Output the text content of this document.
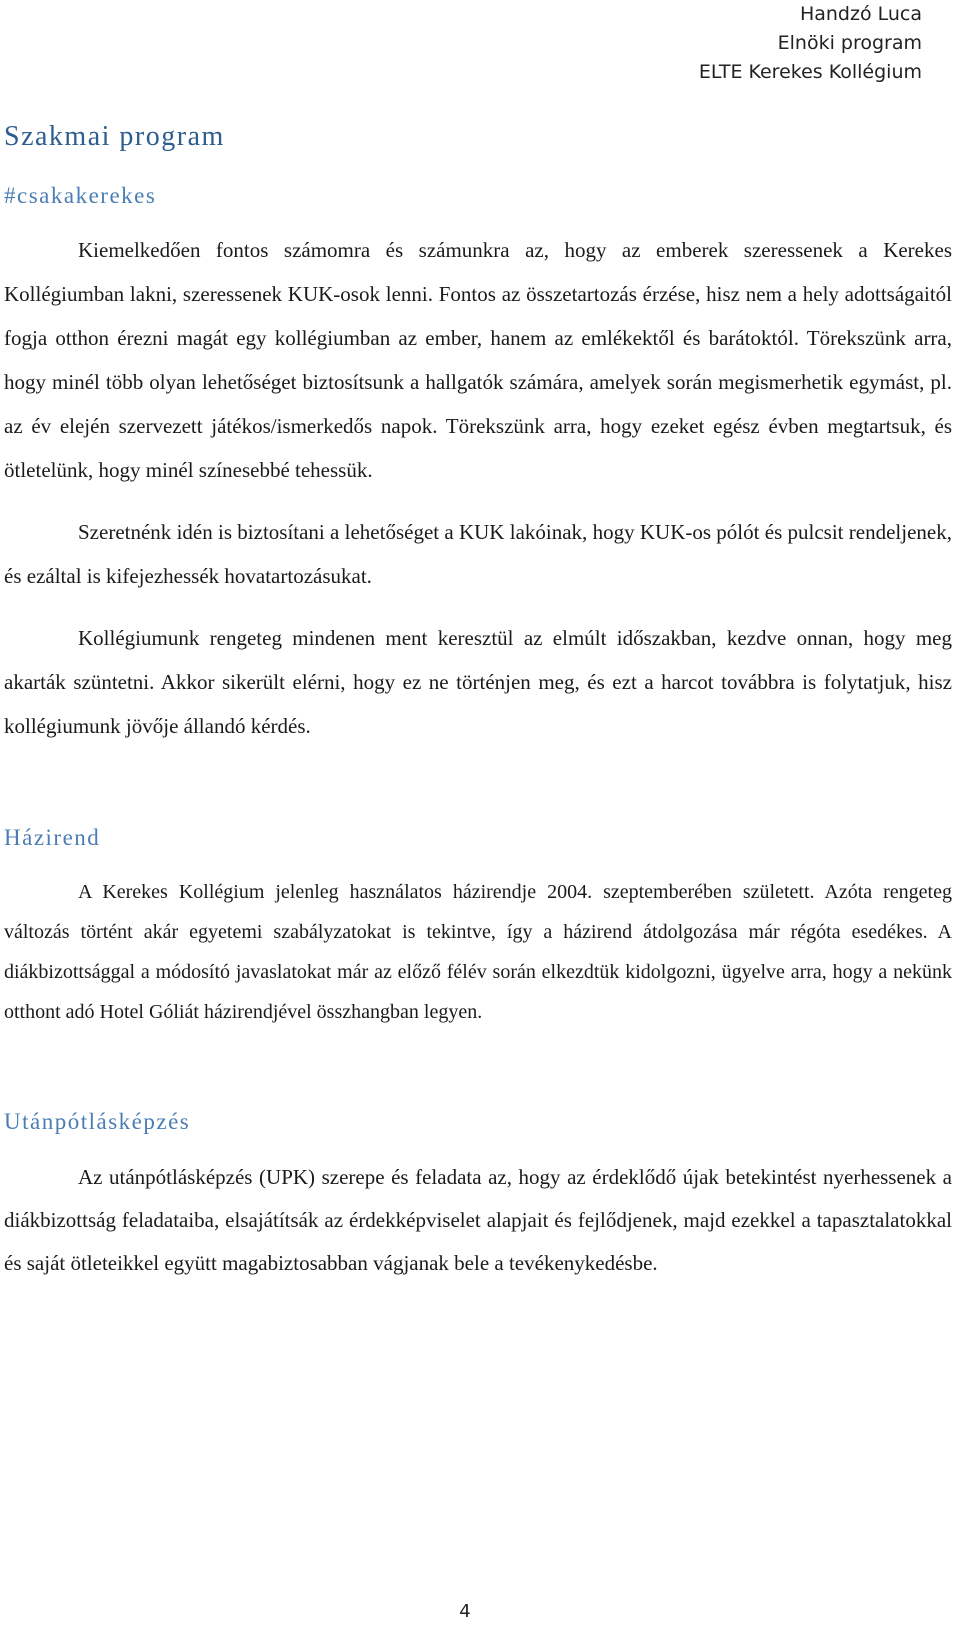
Handzó Luca
Elnöki program
ELTE Kerekes Kollégium
Szakmai program
#csakakerekes

Kiemelkedően fontos számomra és számunkra az, hogy az emberek szeressenek a Kerekes Kollégiumban lakni, szeressenek KUK-osok lenni. Fontos az összetartozás érzése, hisz nem a hely adottságaitól fogja otthon érezni magát egy kollégiumban az ember, hanem az emlékektől és barátoktól. Törekszünk arra, hogy minél több olyan lehetőséget biztosítsunk a hallgatók számára, amelyek során megismerhetik egymást, pl. az év elején szervezett játékos/ismerkedős napok. Törekszünk arra, hogy ezeket egész évben megtartsuk, és ötletelünk, hogy minél színesebbé tehessük.

Szeretnénk idén is biztosítani a lehetőséget a KUK lakóinak, hogy KUK-os pólót és pulcsit rendeljenek, és ezáltal is kifejezhessék hovatartozásukat.

Kollégiumunk rengeteg mindenen ment keresztül az elmúlt időszakban, kezdve onnan, hogy meg akarták szüntetni. Akkor sikerült elérni, hogy ez ne történjen meg, és ezt a harcot továbbra is folytatjuk, hisz kollégiumunk jövője állandó kérdés.

Házirend

A Kerekes Kollégium jelenleg használatos házirendje 2004. szeptemberében született. Azóta rengeteg változás történt akár egyetemi szabályzatokat is tekintve, így a házirend átdolgozása már régóta esedékes. A diákbizottsággal a módosító javaslatokat már az előző félév során elkezdtük kidolgozni, ügyelve arra, hogy a nekünk otthont adó Hotel Góliát házirendjével összhangban legyen.

Utánpótlásképzés

Az utánpótlásképzés (UPK) szerepe és feladata az, hogy az érdeklődő újak betekintést nyerhessenek a diákbizottság feladataiba, elsajátítsák az érdekképviselet alapjait és fejlődjenek, majd ezekkel a tapasztalatokkal és saját ötleteikkel együtt magabiztosabban vágjanak bele a tevékenykedésbe.

4
